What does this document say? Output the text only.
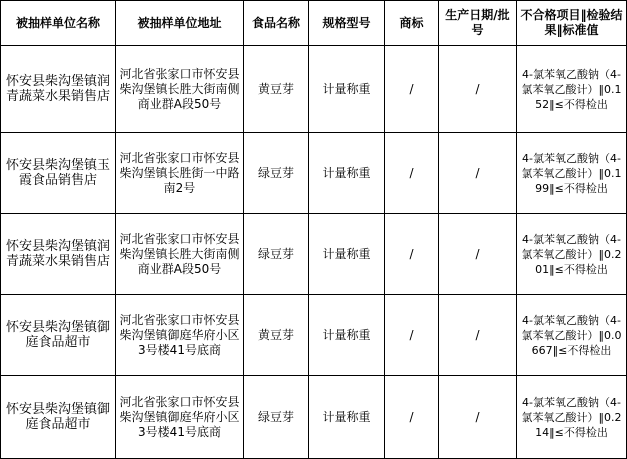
被抽样单位名称	被抽样单位地址	食品名称	规格型号	商标	生产日期/批号	不合格项目‖检验结果‖标准值
怀安县柴沟堡镇润青蔬菜水果销售店	河北省张家口市怀安县柴沟堡镇长胜大街南侧商业群A段50号	黄豆芽	计量称重	/	/	4-氯苯氧乙酸钠（4-氯苯氧乙酸计）‖0.152‖≤不得检出
怀安县柴沟堡镇玉霞食品销售店	河北省张家口市怀安县柴沟堡镇长胜街一中路南2号	绿豆芽	计量称重	/	/	4-氯苯氧乙酸钠（4-氯苯氧乙酸计）‖0.199‖≤不得检出
怀安县柴沟堡镇润青蔬菜水果销售店	河北省张家口市怀安县柴沟堡镇长胜大街南侧商业群A段50号	绿豆芽	计量称重	/	/	4-氯苯氧乙酸钠（4-氯苯氧乙酸计）‖0.201‖≤不得检出
怀安县柴沟堡镇御庭食品超市	河北省张家口市怀安县柴沟堡镇御庭华府小区3号楼41号底商	黄豆芽	计量称重	/	/	4-氯苯氧乙酸钠（4-氯苯氧乙酸计）‖0.0667‖≤不得检出
怀安县柴沟堡镇御庭食品超市	河北省张家口市怀安县柴沟堡镇御庭华府小区3号楼41号底商	绿豆芽	计量称重	/	/	4-氯苯氧乙酸钠（4-氯苯氧乙酸计）‖0.214‖≤不得检出
